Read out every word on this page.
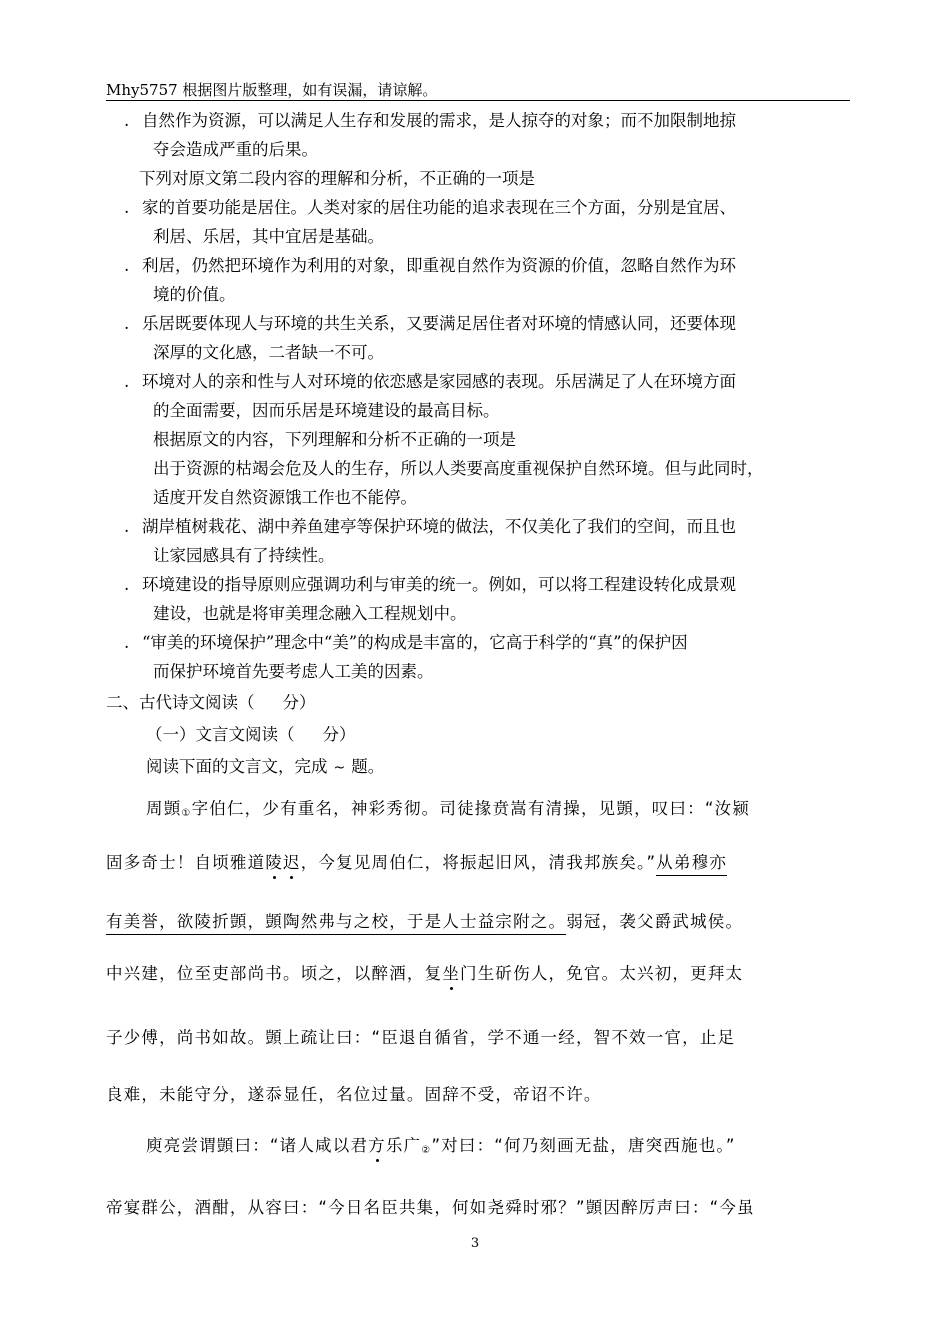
Mhy5757 根据图片版整理，如有误漏，请谅解。
. 自然作为资源，可以满足人生存和发展的需求，是人掠夺的对象；而不加限制地掠
夺会造成严重的后果。
下列对原文第二段内容的理解和分析，不正确的一项是
. 家的首要功能是居住。人类对家的居住功能的追求表现在三个方面，分别是宜居、
利居、乐居，其中宜居是基础。
. 利居，仍然把环境作为利用的对象，即重视自然作为资源的价值，忽略自然作为环
境的价值。
. 乐居既要体现人与环境的共生关系，又要满足居住者对环境的情感认同，还要体现
深厚的文化感，二者缺一不可。
. 环境对人的亲和性与人对环境的依恋感是家园感的表现。乐居满足了人在环境方面
的全面需要，因而乐居是环境建设的最高目标。
根据原文的内容，下列理解和分析不正确的一项是
出于资源的枯竭会危及人的生存，所以人类要高度重视保护自然环境。但与此同时，
适度开发自然资源饿工作也不能停。
. 湖岸植树栽花、湖中养鱼建亭等保护环境的做法，不仅美化了我们的空间，而且也
让家园感具有了持续性。
. 环境建设的指导原则应强调功利与审美的统一。例如，可以将工程建设转化成景观
建设，也就是将审美理念融入工程规划中。
. “审美的环境保护”理念中“美”的构成是丰富的，它高于科学的“真”的保护因
而保护环境首先要考虑人工美的因素。
二、古代诗文阅读（ 分）
（一）文言文阅读（ 分）
阅读下面的文言文，完成 ~ 题。
周顗$_①$字伯仁，少有重名，神彩秀彻。司徒掾贲嵩有清操，见顗，叹曰：“汝颍
固多奇士！自顷雅道陵迟，今复见周伯仁，将振起旧风，清我邦族矣。”从弟穆亦
有美誉，欲陵折顗，顗陶然弗与之校，于是人士益宗附之。弱冠，袭父爵武城侯。
中兴建，位至吏部尚书。顷之，以醉酒，复坐门生斫伤人，免官。太兴初，更拜太
子少傅，尚书如故。顗上疏让曰：“臣退自循省，学不通一经，智不效一官，止足
良难，未能守分，遂忝显任，名位过量。固辞不受，帝诏不许。
庾亮尝谓顗曰：“诸人咸以君方乐广$_②$”对曰：“何乃刻画无盐，唐突西施也。”
帝宴群公，酒酣，从容曰：“今日名臣共集，何如尧舜时邪？”顗因醉厉声曰：“今虽
3
